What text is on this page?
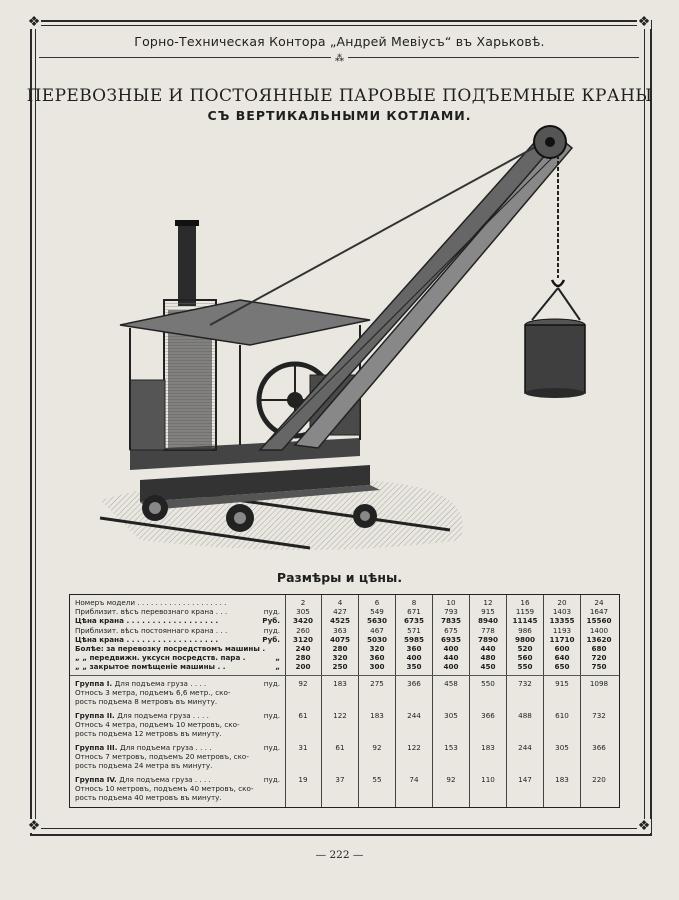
❖	❖
❖	❖
Горно-Техническая Контора „Андрей Мевіусъ“ въ Харьковѣ.
⁂
ПЕРЕВОЗНЫЕ И ПОСТОЯННЫЕ ПАРОВЫЕ ПОДЪЕМНЫЕ КРАНЫ
СЪ ВЕРТИКАЛЬНЫМИ КОТЛАМИ.
Размѣры и цѣны.
Номеръ модели . . . . . . . . . . . . . . . . . . . .	2	4	6	8	10	12	16	20	24
Приблизит. вѣсъ перевознаго крана . . .	пуд.	305	427	549	671	793	915	1159	1403	1647
Цѣна крана . . . . . . . . . . . . . . . . . .	Руб.	3420	4525	5630	6735	7835	8940	11145	13355	15560
Приблизит. вѣсъ постояннаго крана . . .	пуд.	260	363	467	571	675	778	986	1193	1400
Цѣна крана . . . . . . . . . . . . . . . . . .	Руб.	3120	4075	5030	5985	6935	7890	9800	11710	13620
Болѣе: за перевозку посредствомъ машины .	240	280	320	360	400	440	520	600	680
„ „ передвижн. уксусн посредств. пара .	„	280	320	360	400	440	480	560	640	720
„ „ закрытое помѣщеніе машины . .	„	200	250	300	350	400	450	550	650	750
Группа I. Для подъема груза . . . .
Относъ 3 метра, подъемъ 6,6 метр., ско-
рость подъема 8 метровъ въ минуту.
пуд.	92	183	275	366	458	550	732	915	1098
Группа II. Для подъема груза . . . .
Относъ 4 метра, подъемъ 10 метровъ, ско-
рость подъема 12 метровъ въ минуту.
пуд.	61	122	183	244	305	366	488	610	732
Группа III. Для подъема груза . . . .
Относъ 7 метровъ, подъемъ 20 метровъ, ско-
рость подъема 24 метра въ минуту.
пуд.	31	61	92	122	153	183	244	305	366
Группа IV. Для подъема груза . . . .
Относъ 10 метровъ, подъемъ 40 метровъ, ско-
рость подъема 40 метровъ въ минуту.
пуд.	19	37	55	74	92	110	147	183	220
— 222 —
